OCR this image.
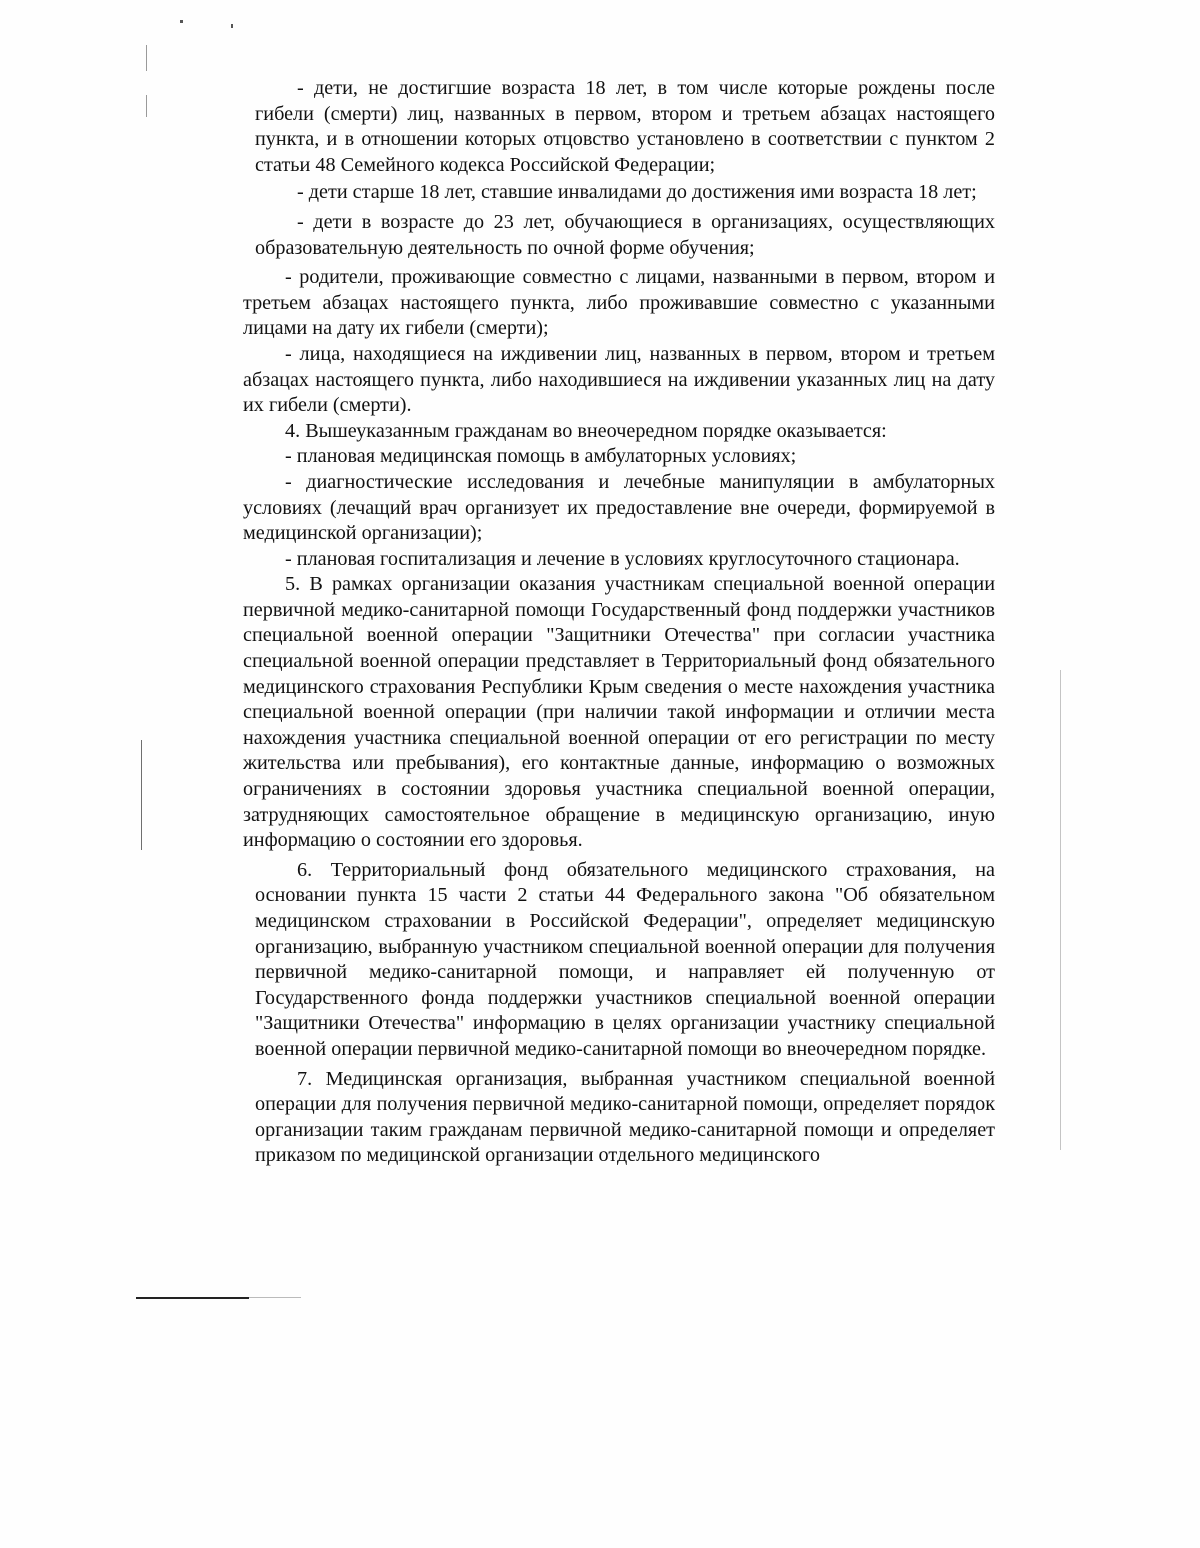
- дети, не достигшие возраста 18 лет, в том числе которые рождены после гибели (смерти) лиц, названных в первом, втором и третьем абзацах настоящего пункта, и в отношении которых отцовство установлено в соответствии с пунктом 2 статьи 48 Семейного кодекса Российской Федерации;

- дети старше 18 лет, ставшие инвалидами до достижения ими возраста 18 лет;

- дети в возрасте до 23 лет, обучающиеся в организациях, осуществляющих образовательную деятельность по очной форме обучения;

- родители, проживающие совместно с лицами, названными в первом, втором и третьем абзацах настоящего пункта, либо проживавшие совместно с указанными лицами на дату их гибели (смерти);

- лица, находящиеся на иждивении лиц, названных в первом, втором и третьем абзацах настоящего пункта, либо находившиеся на иждивении указанных лиц на дату их гибели (смерти).

4. Вышеуказанным гражданам во внеочередном порядке оказывается:

- плановая медицинская помощь в амбулаторных условиях;

- диагностические исследования и лечебные манипуляции в амбулаторных условиях (лечащий врач организует их предоставление вне очереди, формируемой в медицинской организации);

- плановая госпитализация и лечение в условиях круглосуточного стационара.

5. В рамках организации оказания участникам специальной военной операции первичной медико-санитарной помощи Государственный фонд поддержки участников специальной военной операции "Защитники Отечества" при согласии участника специальной военной операции представляет в Территориальный фонд обязательного медицинского страхования Республики Крым сведения о месте нахождения участника специальной военной операции (при наличии такой информации и отличии места нахождения участника специальной военной операции от его регистрации по месту жительства или пребывания), его контактные данные, информацию о возможных ограничениях в состоянии здоровья участника специальной военной операции, затрудняющих самостоятельное обращение в медицинскую организацию, иную информацию о состоянии его здоровья.

6. Территориальный фонд обязательного медицинского страхования, на основании пункта 15 части 2 статьи 44 Федерального закона "Об обязательном медицинском страховании в Российской Федерации", определяет медицинскую организацию, выбранную участником специальной военной операции для получения первичной медико-санитарной помощи, и направляет ей полученную от Государственного фонда поддержки участников специальной военной операции "Защитники Отечества" информацию в целях организации участнику специальной военной операции первичной медико-санитарной помощи во внеочередном порядке.

7. Медицинская организация, выбранная участником специальной военной операции для получения первичной медико-санитарной помощи, определяет порядок организации таким гражданам первичной медико-санитарной помощи и определяет приказом по медицинской организации отдельного медицинского
